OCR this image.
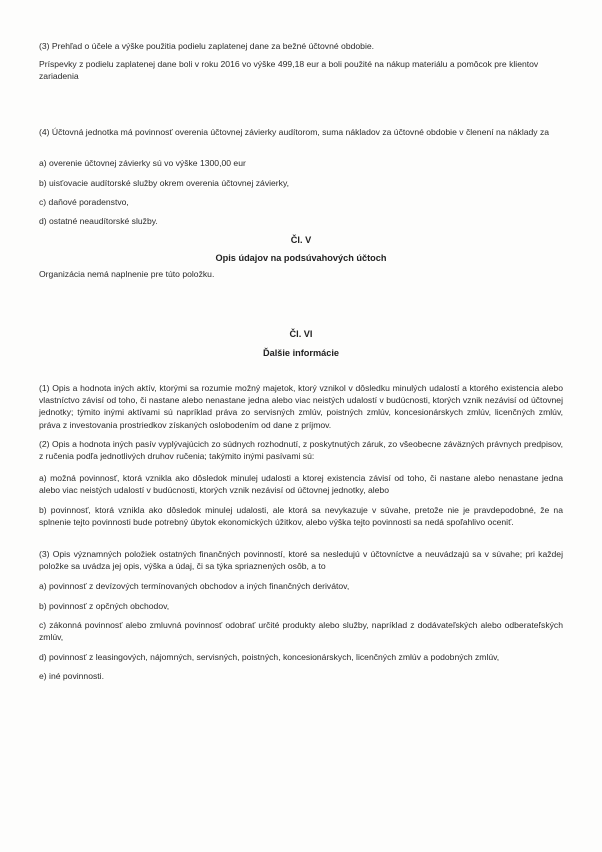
(3) Prehľad o účele a výške použitia podielu zaplatenej dane za bežné účtovné obdobie.
Príspevky z podielu zaplatenej dane boli v roku 2016 vo výške 499,18 eur a boli použité na nákup materiálu a pomôcok pre klientov zariadenia
(4) Účtovná jednotka má povinnosť overenia účtovnej závierky audítorom, suma nákladov za účtovné obdobie v členení na náklady za
a) overenie účtovnej závierky sú vo výške 1300,00 eur
b) uisťovacie audítorské služby okrem overenia účtovnej závierky,
c) daňové poradenstvo,
d) ostatné neaudítorské služby.
Čl. V
Opis údajov na podsúvahových účtoch
Organizácia nemá naplnenie pre túto položku.
Čl. VI
Ďalšie informácie
(1) Opis a hodnota iných aktív, ktorými sa rozumie možný majetok, ktorý vznikol v dôsledku minulých udalostí a ktorého existencia alebo vlastníctvo závisí od toho, či nastane alebo nenastane jedna alebo viac neistých udalostí v budúcnosti, ktorých vznik nezávisí od účtovnej jednotky; týmito inými aktívami sú napríklad práva zo servisných zmlúv, poistných zmlúv, koncesionárskych zmlúv, licenčných zmlúv, práva z investovania prostriedkov získaných oslobodením od dane z príjmov.
(2) Opis a hodnota iných pasív vyplývajúcich zo súdnych rozhodnutí, z poskytnutých záruk, zo všeobecne záväzných právnych predpisov, z ručenia podľa jednotlivých druhov ručenia; takýmito inými pasívami sú:
a) možná povinnosť, ktorá vznikla ako dôsledok minulej udalosti a ktorej existencia závisí od toho, či nastane alebo nenastane jedna alebo viac neistých udalostí v budúcnosti, ktorých vznik nezávisí od účtovnej jednotky, alebo
b) povinnosť, ktorá vznikla ako dôsledok minulej udalosti, ale ktorá sa nevykazuje v súvahe, pretože nie je pravdepodobné, že na splnenie tejto povinnosti bude potrebný úbytok ekonomických úžitkov, alebo výška tejto povinnosti sa nedá spoľahlivo oceniť.
(3) Opis významných položiek ostatných finančných povinností, ktoré sa nesledujú v účtovníctve a neuvádzajú sa v súvahe; pri každej položke sa uvádza jej opis, výška a údaj, či sa týka spriaznených osôb, a to
a) povinnosť z devízových termínovaných obchodov a iných finančných derivátov,
b) povinnosť z opčných obchodov,
c) zákonná povinnosť alebo zmluvná povinnosť odobrať určité produkty alebo služby, napríklad z dodávateľských alebo odberateľských zmlúv,
d) povinnosť z leasingových, nájomných, servisných, poistných, koncesionárskych, licenčných zmlúv a podobných zmlúv,
e) iné povinnosti.
